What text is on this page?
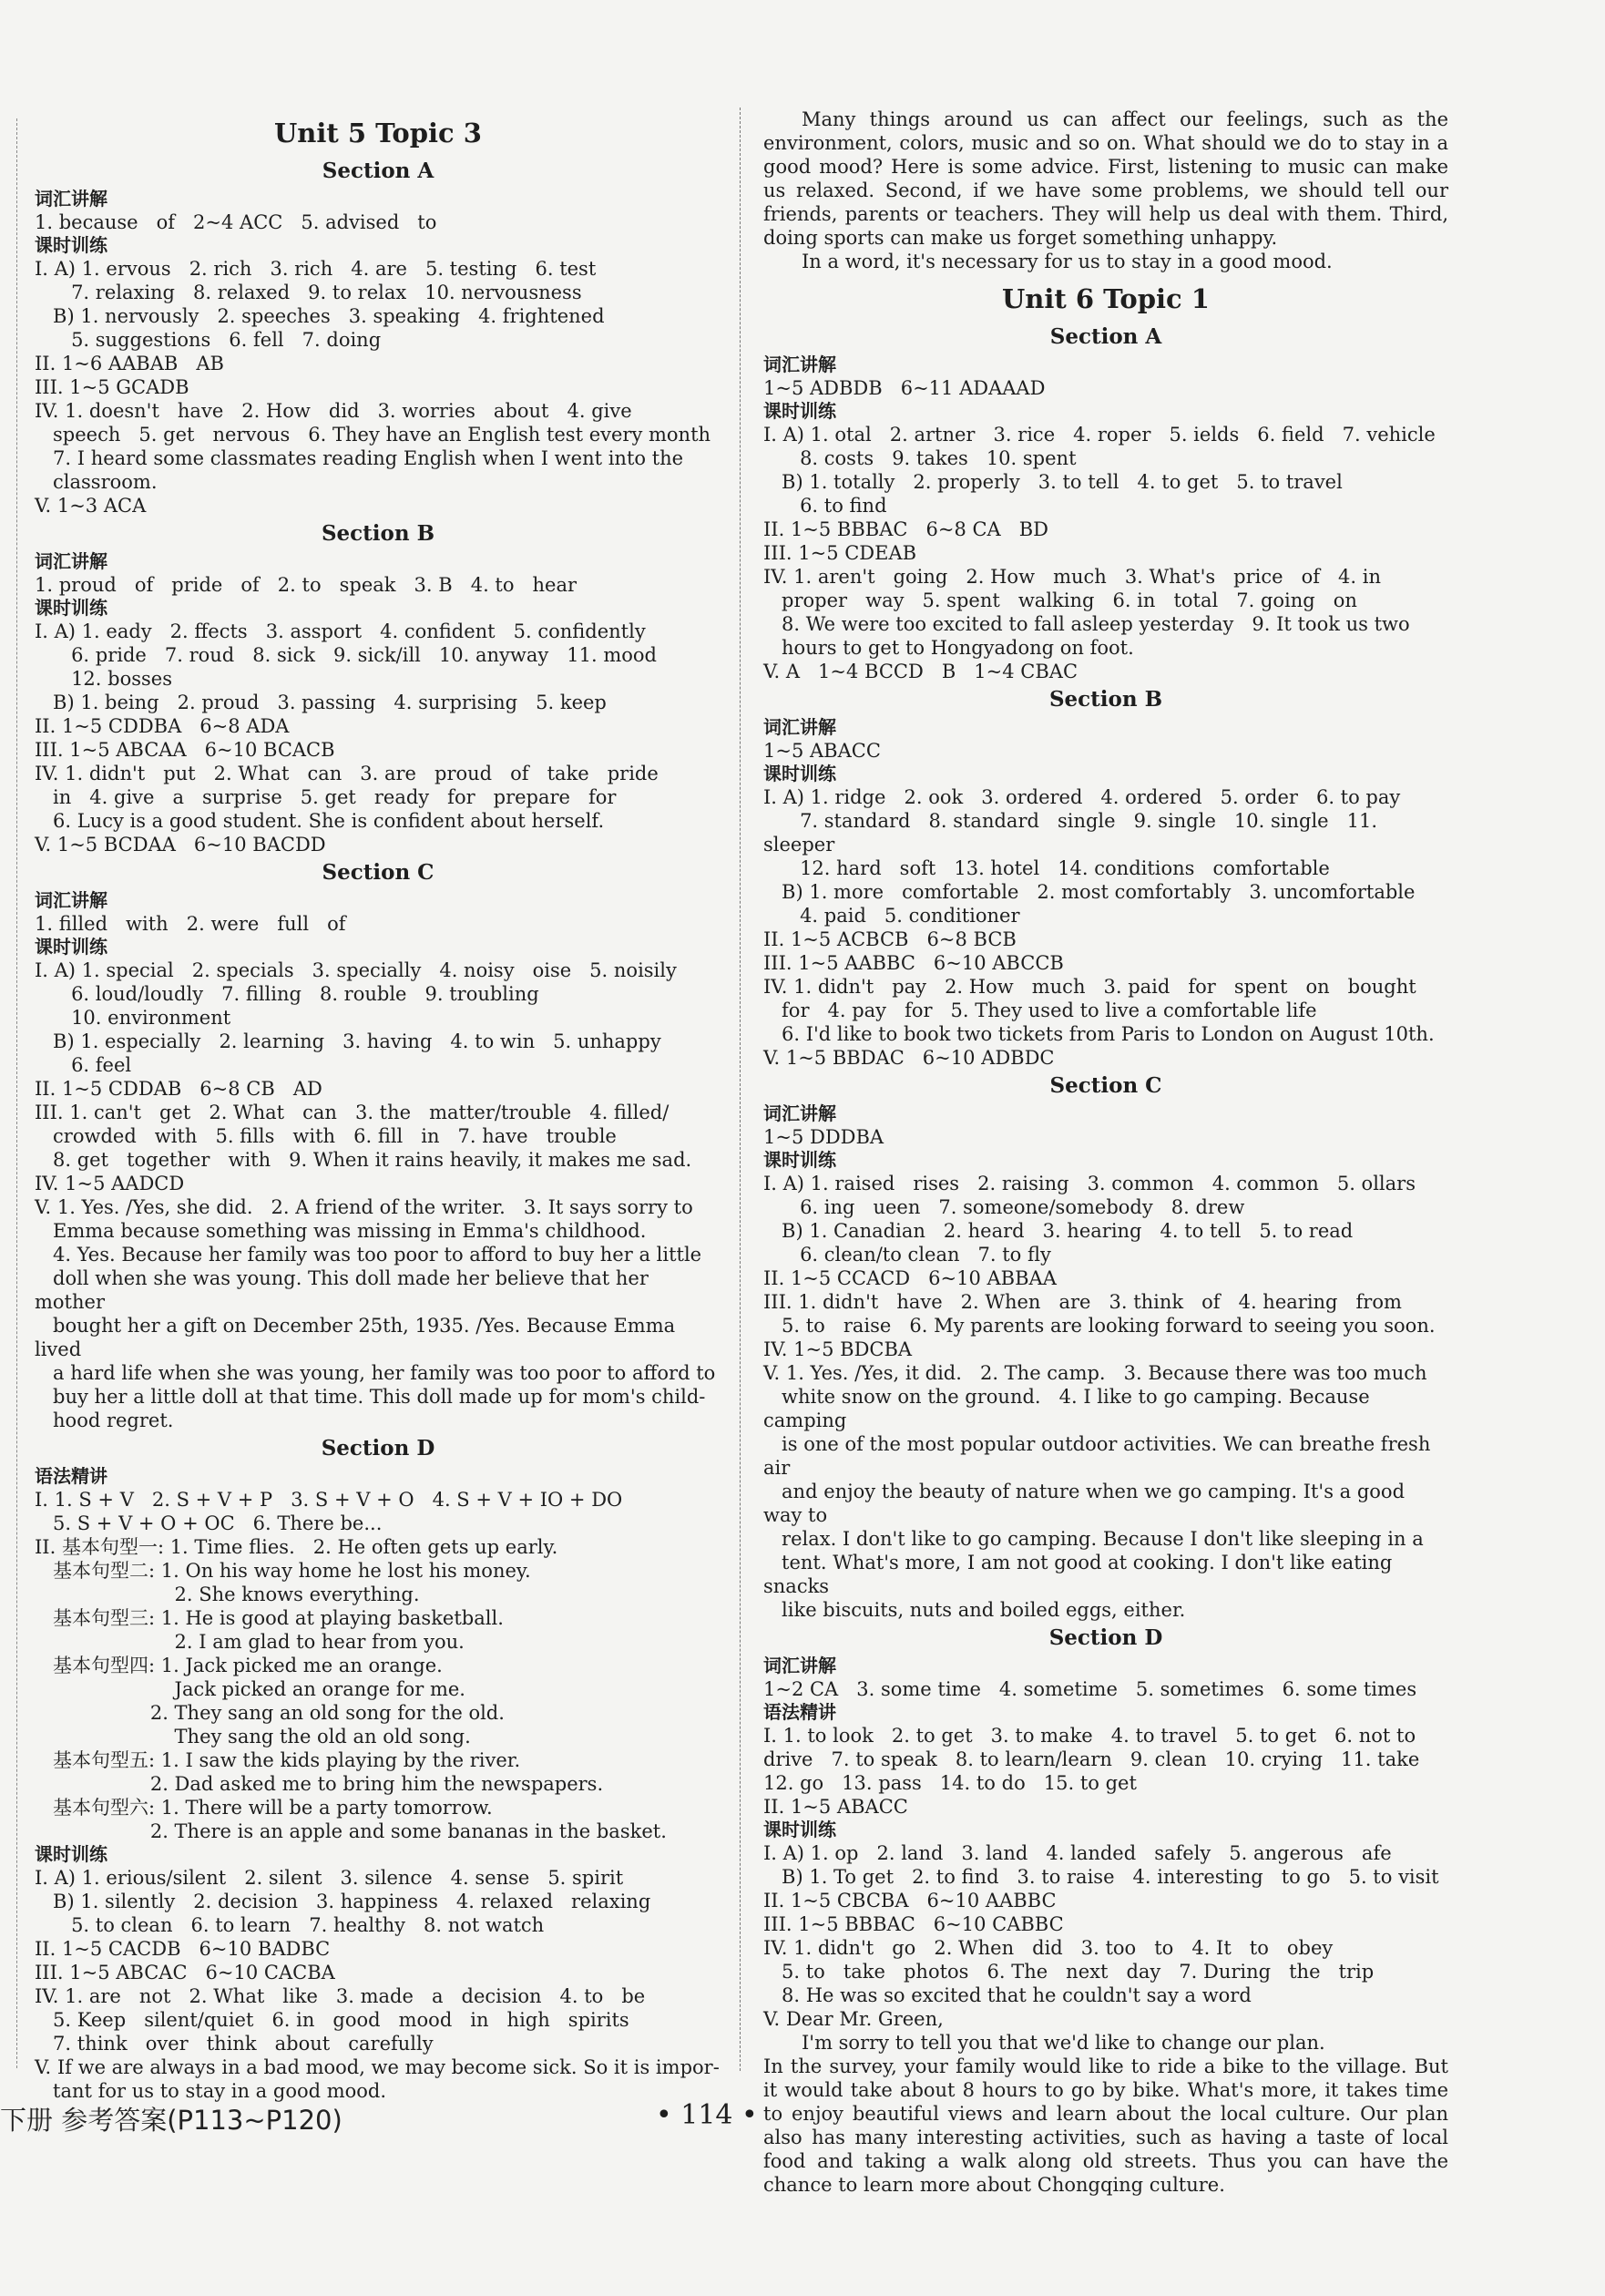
Unit 5 Topic 3
Section A
词汇讲解
1. because   of   2~4 ACC   5. advised   to
课时训练
I. A) 1. ervous   2. rich   3. rich   4. are   5. testing   6. test
7. relaxing   8. relaxed   9. to relax   10. nervousness
B) 1. nervously   2. speeches   3. speaking   4. frightened
5. suggestions   6. fell   7. doing
II. 1~6 AABAB   AB
III. 1~5 GCADB
IV. 1. doesn't   have   2. How   did   3. worries   about   4. give
speech   5. get   nervous   6. They have an English test every month
7. I heard some classmates reading English when I went into the
classroom.
V. 1~3 ACA
Section B
词汇讲解
1. proud   of   pride   of   2. to   speak   3. B   4. to   hear
课时训练
I. A) 1. eady   2. ffects   3. assport   4. confident   5. confidently
6. pride   7. roud   8. sick   9. sick/ill   10. anyway   11. mood
12. bosses
B) 1. being   2. proud   3. passing   4. surprising   5. keep
II. 1~5 CDDBA   6~8 ADA
III. 1~5 ABCAA   6~10 BCACB
IV. 1. didn't   put   2. What   can   3. are   proud   of   take   pride
in   4. give   a   surprise   5. get   ready   for   prepare   for
6. Lucy is a good student. She is confident about herself.
V. 1~5 BCDAA   6~10 BACDD
Section C
词汇讲解
1. filled   with   2. were   full   of
课时训练
I. A) 1. special   2. specials   3. specially   4. noisy   oise   5. noisily
6. loud/loudly   7. filling   8. rouble   9. troubling
10. environment
B) 1. especially   2. learning   3. having   4. to win   5. unhappy
6. feel
II. 1~5 CDDAB   6~8 CB   AD
III. 1. can't   get   2. What   can   3. the   matter/trouble   4. filled/
crowded   with   5. fills   with   6. fill   in   7. have   trouble
8. get   together   with   9. When it rains heavily, it makes me sad.
IV. 1~5 AADCD
V. 1. Yes. /Yes, she did.   2. A friend of the writer.   3. It says sorry to
Emma because something was missing in Emma's childhood.
4. Yes. Because her family was too poor to afford to buy her a little
doll when she was young. This doll made her believe that her mother
bought her a gift on December 25th, 1935. /Yes. Because Emma lived
a hard life when she was young, her family was too poor to afford to
buy her a little doll at that time. This doll made up for mom's child-
hood regret.
Section D
语法精讲
I. 1. S + V   2. S + V + P   3. S + V + O   4. S + V + IO + DO
5. S + V + O + OC   6. There be...
II. 基本句型一: 1. Time flies.   2. He often gets up early.
基本句型二: 1. On his way home he lost his money.
2. She knows everything.
基本句型三: 1. He is good at playing basketball.
2. I am glad to hear from you.
基本句型四: 1. Jack picked me an orange.
Jack picked an orange for me.
2. They sang an old song for the old.
They sang the old an old song.
基本句型五: 1. I saw the kids playing by the river.
2. Dad asked me to bring him the newspapers.
基本句型六: 1. There will be a party tomorrow.
2. There is an apple and some bananas in the basket.
课时训练
I. A) 1. erious/silent   2. silent   3. silence   4. sense   5. spirit
B) 1. silently   2. decision   3. happiness   4. relaxed   relaxing
5. to clean   6. to learn   7. healthy   8. not watch
II. 1~5 CACDB   6~10 BADBC
III. 1~5 ABCAC   6~10 CACBA
IV. 1. are   not   2. What   like   3. made   a   decision   4. to   be
5. Keep   silent/quiet   6. in   good   mood   in   high   spirits
7. think   over   think   about   carefully
V. If we are always in a bad mood, we may become sick. So it is impor-
tant for us to stay in a good mood.
Many things around us can affect our feelings, such as the environment, colors, music and so on. What should we do to stay in a good mood? Here is some advice. First, listening to music can make us relaxed. Second, if we have some problems, we should tell our friends, parents or teachers. They will help us deal with them. Third, doing sports can make us forget something unhappy.
In a word, it's necessary for us to stay in a good mood.
Unit 6 Topic 1
Section A
词汇讲解
1~5 ADBDB   6~11 ADAAAD
课时训练
I. A) 1. otal   2. artner   3. rice   4. roper   5. ields   6. field   7. vehicle
8. costs   9. takes   10. spent
B) 1. totally   2. properly   3. to tell   4. to get   5. to travel
6. to find
II. 1~5 BBBAC   6~8 CA   BD
III. 1~5 CDEAB
IV. 1. aren't   going   2. How   much   3. What's   price   of   4. in
proper   way   5. spent   walking   6. in   total   7. going   on
8. We were too excited to fall asleep yesterday   9. It took us two
hours to get to Hongyadong on foot.
V. A   1~4 BCCD   B   1~4 CBAC
Section B
词汇讲解
1~5 ABACC
课时训练
I. A) 1. ridge   2. ook   3. ordered   4. ordered   5. order   6. to pay
7. standard   8. standard   single   9. single   10. single   11. sleeper
12. hard   soft   13. hotel   14. conditions   comfortable
B) 1. more   comfortable   2. most comfortably   3. uncomfortable
4. paid   5. conditioner
II. 1~5 ACBCB   6~8 BCB
III. 1~5 AABBC   6~10 ABCCB
IV. 1. didn't   pay   2. How   much   3. paid   for   spent   on   bought
for   4. pay   for   5. They used to live a comfortable life
6. I'd like to book two tickets from Paris to London on August 10th.
V. 1~5 BBDAC   6~10 ADBDC
Section C
词汇讲解
1~5 DDDBA
课时训练
I. A) 1. raised   rises   2. raising   3. common   4. common   5. ollars
6. ing   ueen   7. someone/somebody   8. drew
B) 1. Canadian   2. heard   3. hearing   4. to tell   5. to read
6. clean/to clean   7. to fly
II. 1~5 CCACD   6~10 ABBAA
III. 1. didn't   have   2. When   are   3. think   of   4. hearing   from
5. to   raise   6. My parents are looking forward to seeing you soon.
IV. 1~5 BDCBA
V. 1. Yes. /Yes, it did.   2. The camp.   3. Because there was too much
white snow on the ground.   4. I like to go camping. Because camping
is one of the most popular outdoor activities. We can breathe fresh air
and enjoy the beauty of nature when we go camping. It's a good way to
relax. I don't like to go camping. Because I don't like sleeping in a
tent. What's more, I am not good at cooking. I don't like eating snacks
like biscuits, nuts and boiled eggs, either.
Section D
词汇讲解
1~2 CA   3. some time   4. sometime   5. sometimes   6. some times
语法精讲
I. 1. to look   2. to get   3. to make   4. to travel   5. to get   6. not to
drive   7. to speak   8. to learn/learn   9. clean   10. crying   11. take
12. go   13. pass   14. to do   15. to get
II. 1~5 ABACC
课时训练
I. A) 1. op   2. land   3. land   4. landed   safely   5. angerous   afe
B) 1. To get   2. to find   3. to raise   4. interesting   to go   5. to visit
II. 1~5 CBCBA   6~10 AABBC
III. 1~5 BBBAC   6~10 CABBC
IV. 1. didn't   go   2. When   did   3. too   to   4. It   to   obey
5. to   take   photos   6. The   next   day   7. During   the   trip
8. He was so excited that he couldn't say a word
V. Dear Mr. Green,
I'm sorry to tell you that we'd like to change our plan.
In the survey, your family would like to ride a bike to the village. But it would take about 8 hours to go by bike. What's more, it takes time to enjoy beautiful views and learn about the local culture. Our plan also has many interesting activities, such as having a taste of local food and taking a walk along old streets. Thus you can have the chance to learn more about Chongqing culture.
下册 参考答案(P113~P120)	• 114 •
